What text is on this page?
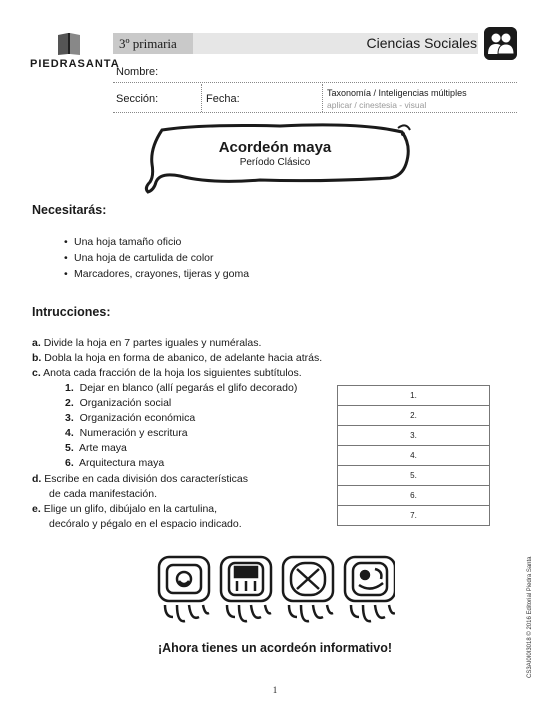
PIEDRASANTA
3º primaria	Ciencias Sociales
Nombre:
Sección:	Fecha:	Taxonomía / Inteligencias múltiples
aplicar / cinestesia - visual
Acordeón maya
Período Clásico
Necesitarás:
• Una hoja tamaño oficio
• Una hoja de cartulida de color
• Marcadores, crayones, tijeras y goma
Intrucciones:
a. Divide la hoja en 7 partes iguales y numéralas.
b. Dobla la hoja en forma de abanico, de adelante hacia atrás.
c. Anota cada fracción de la hoja los siguientes subtítulos.
1. Dejar en blanco (allí pegarás el glifo decorado)
2. Organización social
3. Organización económica
4. Numeración y escritura
5. Arte maya
6. Arquitectura maya
d. Escribe en cada división dos características
de cada manifestación.
e. Elige un glifo, dibújalo en la cartulina,
decóralo y pégalo en el espacio indicado.
1.
2.
3.
4.
5.
6.
7.
¡Ahora tienes un acordeón informativo!
1
CS3AI0I0I3018 © 2016 Editorial Piedra Santa
